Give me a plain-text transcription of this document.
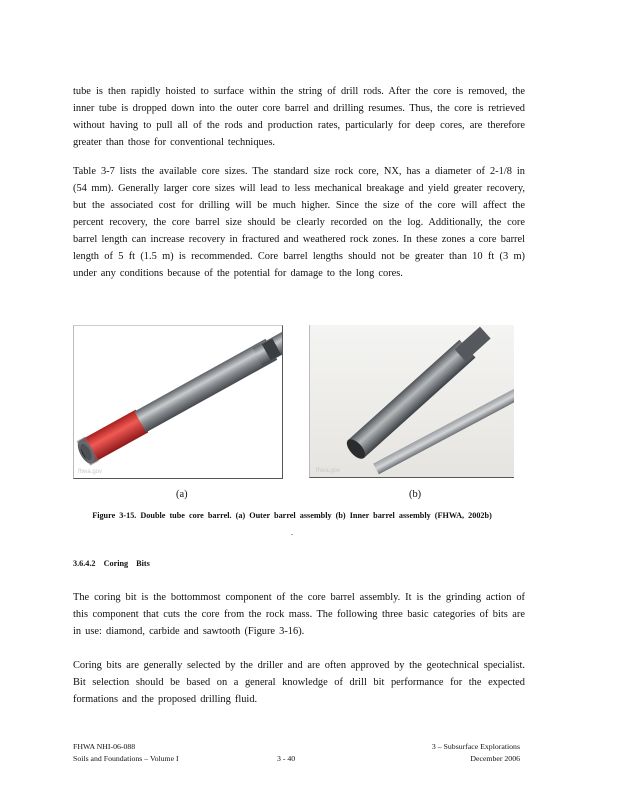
tube is then rapidly hoisted to surface within the string of drill rods. After the core is removed, the inner tube is dropped down into the outer core barrel and drilling resumes. Thus, the core is retrieved without having to pull all of the rods and production rates, particularly for deep cores, are therefore greater than those for conventional techniques.

Table 3-7 lists the available core sizes. The standard size rock core, NX, has a diameter of 2-1/8 in (54 mm). Generally larger core sizes will lead to less mechanical breakage and yield greater recovery, but the associated cost for drilling will be much higher. Since the size of the core will affect the percent recovery, the core barrel size should be clearly recorded on the log. Additionally, the core barrel length can increase recovery in fractured and weathered rock zones. In these zones a core barrel length of 5 ft (1.5 m) is recommended. Core barrel lengths should not be greater than 10 ft (3 m) under any conditions because of the potential for damage to the long cores.

fhwa.gov	fhwa.gov
(a)	(b)
Figure 3-15. Double tube core barrel. (a) Outer barrel assembly (b) Inner barrel assembly (FHWA, 2002b) .
3.6.4.2 Coring Bits

The coring bit is the bottommost component of the core barrel assembly. It is the grinding action of this component that cuts the core from the rock mass. The following three basic categories of bits are in use: diamond, carbide and sawtooth (Figure 3-16).

Coring bits are generally selected by the driller and are often approved by the geotechnical specialist. Bit selection should be based on a general knowledge of drill bit performance for the expected formations and the proposed drilling fluid.

FHWA NHI-06-088
Soils and Foundations – Volume I	3 - 40
3 – Subsurface Explorations
December 2006
